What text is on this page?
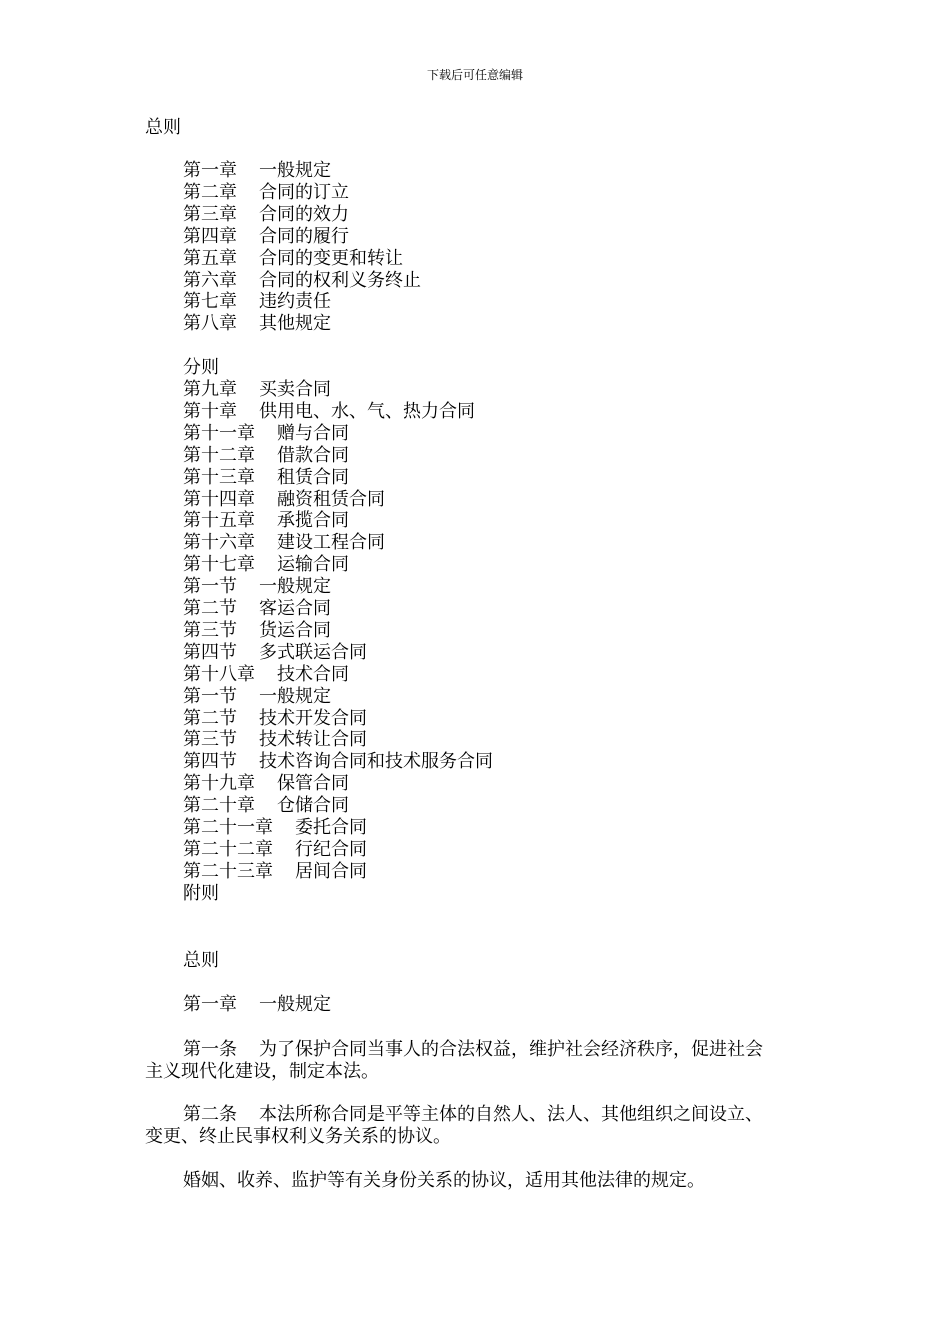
下载后可任意编辑
总则
第一章 一般规定
第二章 合同的订立
第三章 合同的效力
第四章 合同的履行
第五章 合同的变更和转让
第六章 合同的权利义务终止
第七章 违约责任
第八章 其他规定
分则
第九章 买卖合同
第十章 供用电、水、气、热力合同
第十一章 赠与合同
第十二章 借款合同
第十三章 租赁合同
第十四章 融资租赁合同
第十五章 承揽合同
第十六章 建设工程合同
第十七章 运输合同
第一节 一般规定
第二节 客运合同
第三节 货运合同
第四节 多式联运合同
第十八章 技术合同
第一节 一般规定
第二节 技术开发合同
第三节 技术转让合同
第四节 技术咨询合同和技术服务合同
第十九章 保管合同
第二十章 仓储合同
第二十一章 委托合同
第二十二章 行纪合同
第二十三章 居间合同
附则
总则
第一章 一般规定
第一条 为了保护合同当事人的合法权益，维护社会经济秩序，促进社会
主义现代化建设，制定本法。
第二条 本法所称合同是平等主体的自然人、法人、其他组织之间设立、
变更、终止民事权利义务关系的协议。
婚姻、收养、监护等有关身份关系的协议，适用其他法律的规定。
